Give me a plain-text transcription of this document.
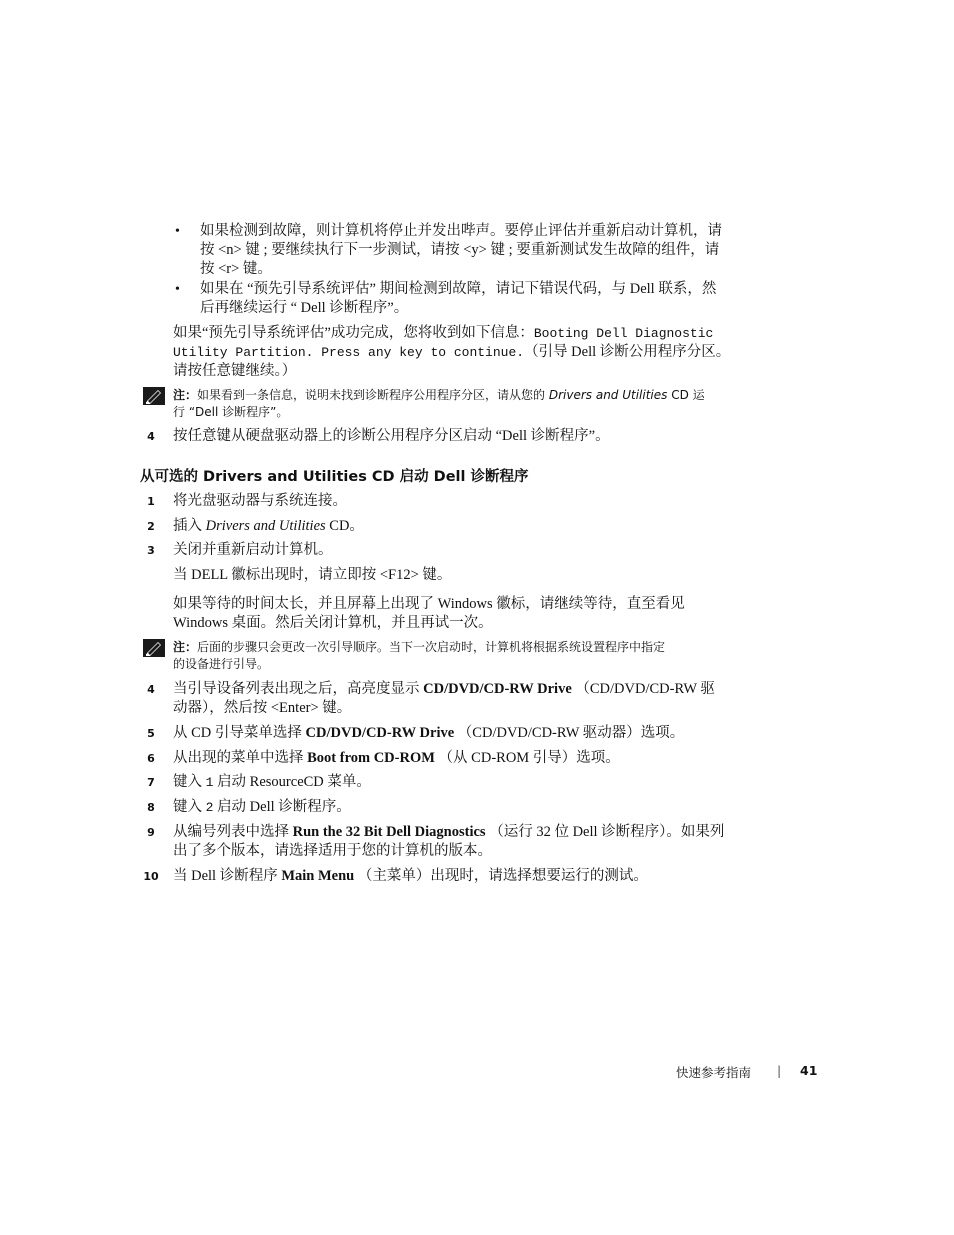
•	如果检测到故障，则计算机将停止并发出哔声。要停止评估并重新启动计算机，请
按 <n> 键 ; 要继续执行下一步测试，请按 <y> 键 ; 要重新测试发生故障的组件，请
按 <r> 键。
•	如果在 “预先引导系统评估” 期间检测到故障，请记下错误代码，与 Dell 联系，然
后再继续运行 “ Dell 诊断程序”。
如果“预先引导系统评估”成功完成，您将收到如下信息：Booting Dell Diagnostic
Utility Partition. Press any key to continue.（引导 Dell 诊断公用程序分区。
请按任意键继续。）
注：如果看到一条信息，说明未找到诊断程序公用程序分区，请从您的 Drivers and Utilities CD 运
行 “Dell 诊断程序”。
4	按任意键从硬盘驱动器上的诊断公用程序分区启动 “Dell 诊断程序”。
从可选的 Drivers and Utilities CD 启动 Dell 诊断程序
1	将光盘驱动器与系统连接。
2	插入 Drivers and Utilities CD。
3	关闭并重新启动计算机。
当 DELL 徽标出现时，请立即按 <F12> 键。
如果等待的时间太长，并且屏幕上出现了 Windows 徽标，请继续等待，直至看见
Windows 桌面。然后关闭计算机，并且再试一次。
注：后面的步骤只会更改一次引导顺序。当下一次启动时，计算机将根据系统设置程序中指定
的设备进行引导。
4	当引导设备列表出现之后，高亮度显示 CD/DVD/CD-RW Drive （CD/DVD/CD-RW 驱
动器），然后按 <Enter> 键。
5	从 CD 引导菜单选择 CD/DVD/CD-RW Drive （CD/DVD/CD-RW 驱动器）选项。
6	从出现的菜单中选择 Boot from CD-ROM （从 CD-ROM 引导）选项。
7	键入 1 启动 ResourceCD 菜单。
8	键入 2 启动 Dell 诊断程序。
9	从编号列表中选择 Run the 32 Bit Dell Diagnostics （运行 32 位 Dell 诊断程序）。如果列
出了多个版本，请选择适用于您的计算机的版本。
10 当 Dell 诊断程序 Main Menu （主菜单）出现时，请选择想要运行的测试。
快速参考指南 | 41
